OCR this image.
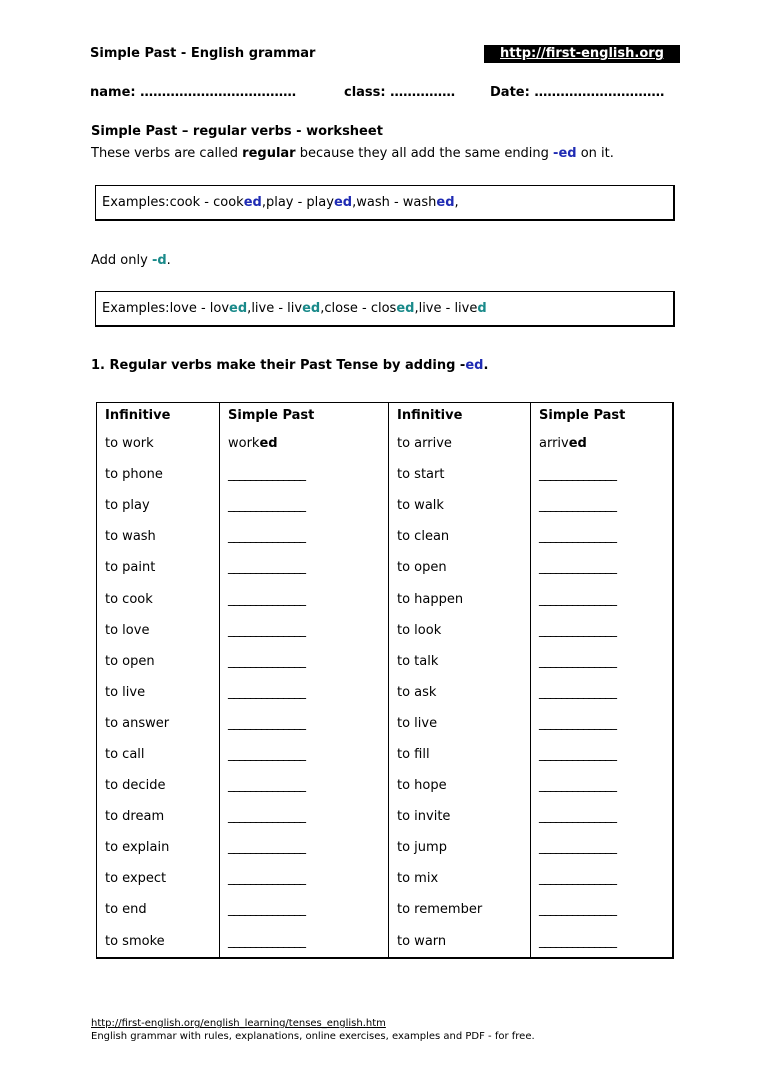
Simple Past - English grammar	http://first-english.org
name: ………………………………	class: ……………	Date: …………………………
Simple Past – regular verbs - worksheet
These verbs are called regular because they all add the same ending -ed on it.
Examples: cook - cook ed , play - play ed , wash - wash ed ,
Add only -d.
Examples: love - lov ed , live - liv ed , close - clos ed , live - live d
1. Regular verbs make their Past Tense by adding -ed.
Infinitive	Simple Past	Infinitive	Simple Past
to work	worked	to arrive	arrived
to phone	______________	to start	______________
to play	______________	to walk	______________
to wash	______________	to clean	______________
to paint	______________	to open	______________
to cook	______________	to happen	______________
to love	______________	to look	______________
to open	______________	to talk	______________
to live	______________	to ask	______________
to answer	______________	to live	______________
to call	______________	to fill	______________
to decide	______________	to hope	______________
to dream	______________	to invite	______________
to explain	______________	to jump	______________
to expect	______________	to mix	______________
to end	______________	to remember	______________
to smoke	______________	to warn	______________
http://first-english.org/english_learning/tenses_english.htm
English grammar with rules, explanations, online exercises, examples and PDF - for free.
